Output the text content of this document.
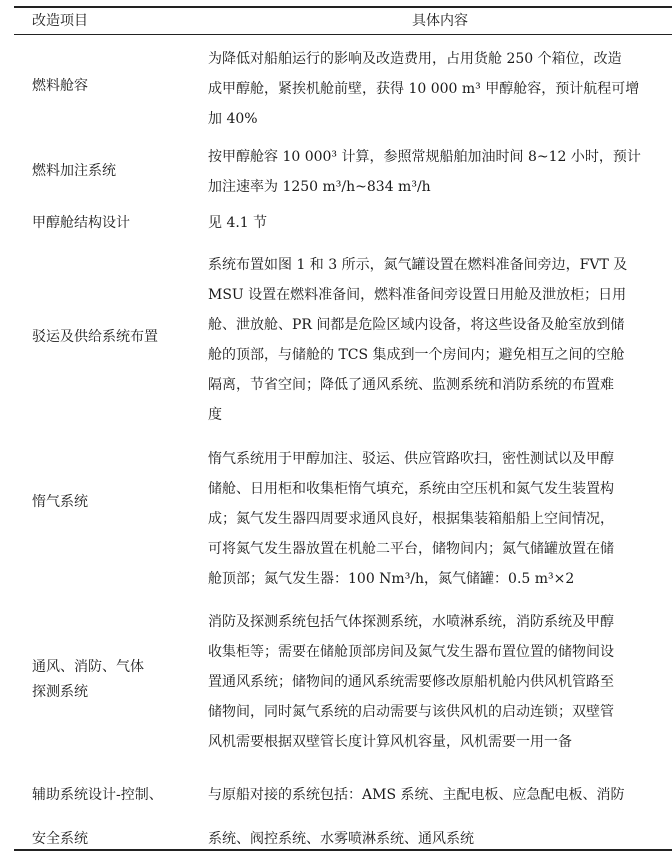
改造项目	具体内容
燃料舱容
为降低对船舶运行的影响及改造费用，占用货舱 250 个箱位，改造
成甲醇舱，紧挨机舱前壁，获得 10 000 m³ 甲醇舱容，预计航程可增
加 40%
燃料加注系统
按甲醇舱容 10 000³ 计算，参照常规船舶加油时间 8~12 小时，预计
加注速率为 1250 m³/h~834 m³/h
甲醇舱结构设计	见 4.1 节
驳运及供给系统布置
系统布置如图 1 和 3 所示，氮气罐设置在燃料准备间旁边，FVT 及
MSU 设置在燃料准备间，燃料准备间旁设置日用舱及泄放柜；日用
舱、泄放舱、PR 间都是危险区域内设备，将这些设备及舱室放到储
舱的顶部，与储舱的 TCS 集成到一个房间内；避免相互之间的空舱
隔离，节省空间；降低了通风系统、监测系统和消防系统的布置难
度
惰气系统
惰气系统用于甲醇加注、驳运、供应管路吹扫，密性测试以及甲醇
储舱、日用柜和收集柜惰气填充，系统由空压机和氮气发生装置构
成；氮气发生器四周要求通风良好，根据集装箱船船上空间情况，
可将氮气发生器放置在机舱二平台，储物间内；氮气储罐放置在储
舱顶部；氮气发生器：100 Nm³/h，氮气储罐：0.5 m³×2
通风、消防、气体
探测系统
消防及探测系统包括气体探测系统，水喷淋系统，消防系统及甲醇
收集柜等；需要在储舱顶部房间及氮气发生器布置位置的储物间设
置通风系统；储物间的通风系统需要修改原船机舱内供风机管路至
储物间，同时氮气系统的启动需要与该供风机的启动连锁；双壁管
风机需要根据双壁管长度计算风机容量，风机需要一用一备
辅助系统设计-控制、
安全系统
与原船对接的系统包括：AMS 系统、主配电板、应急配电板、消防
系统、阀控系统、水雾喷淋系统、通风系统
